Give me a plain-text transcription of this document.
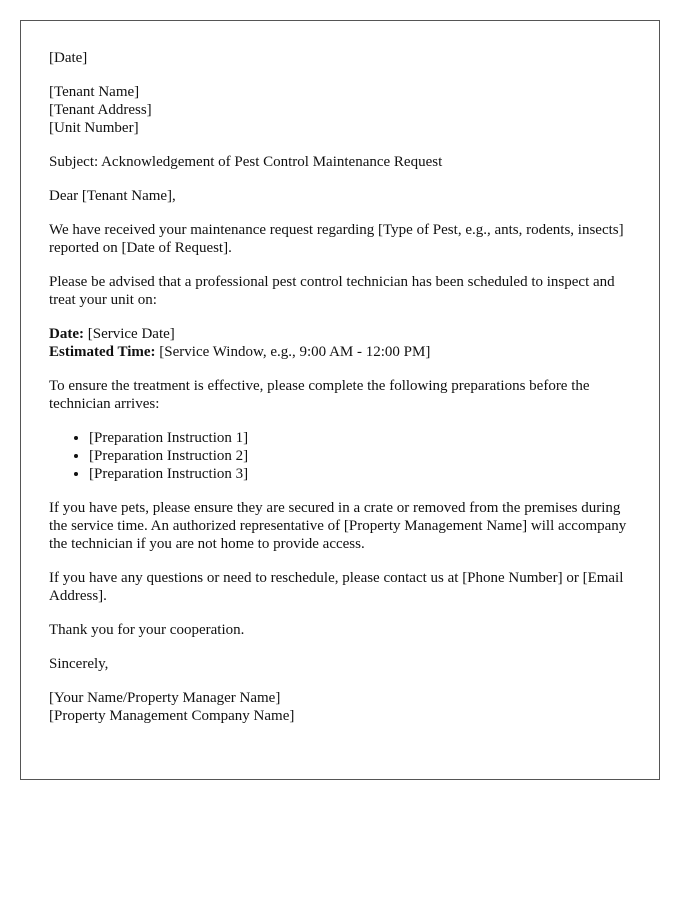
[Date]
[Tenant Name]
[Tenant Address]
[Unit Number]
Subject: Acknowledgement of Pest Control Maintenance Request
Dear [Tenant Name],
We have received your maintenance request regarding [Type of Pest, e.g., ants, rodents, insects] reported on [Date of Request].
Please be advised that a professional pest control technician has been scheduled to inspect and treat your unit on:
Date: [Service Date]
Estimated Time: [Service Window, e.g., 9:00 AM - 12:00 PM]
To ensure the treatment is effective, please complete the following preparations before the technician arrives:
• [Preparation Instruction 1]
• [Preparation Instruction 2]
• [Preparation Instruction 3]
If you have pets, please ensure they are secured in a crate or removed from the premises during the service time. An authorized representative of [Property Management Name] will accompany the technician if you are not home to provide access.
If you have any questions or need to reschedule, please contact us at [Phone Number] or [Email Address].
Thank you for your cooperation.
Sincerely,
[Your Name/Property Manager Name]
[Property Management Company Name]
